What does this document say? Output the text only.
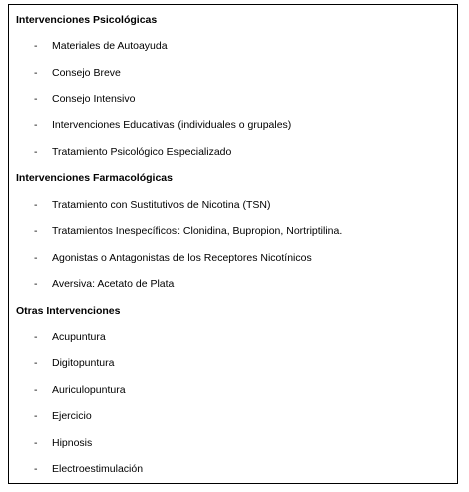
Intervenciones Psicológicas
-	Materiales de Autoayuda
-	Consejo Breve
-	Consejo Intensivo
-	Intervenciones Educativas (individuales o grupales)
-	Tratamiento Psicológico Especializado
Intervenciones Farmacológicas
-	Tratamiento con Sustitutivos de Nicotina (TSN)
-	Tratamientos Inespecíficos: Clonidina, Bupropion, Nortriptilina.
-	Agonistas o Antagonistas de los Receptores Nicotínicos
-	Aversiva: Acetato de Plata
Otras Intervenciones
-	Acupuntura
-	Digitopuntura
-	Auriculopuntura
-	Ejercicio
-	Hipnosis
-	Electroestimulación
